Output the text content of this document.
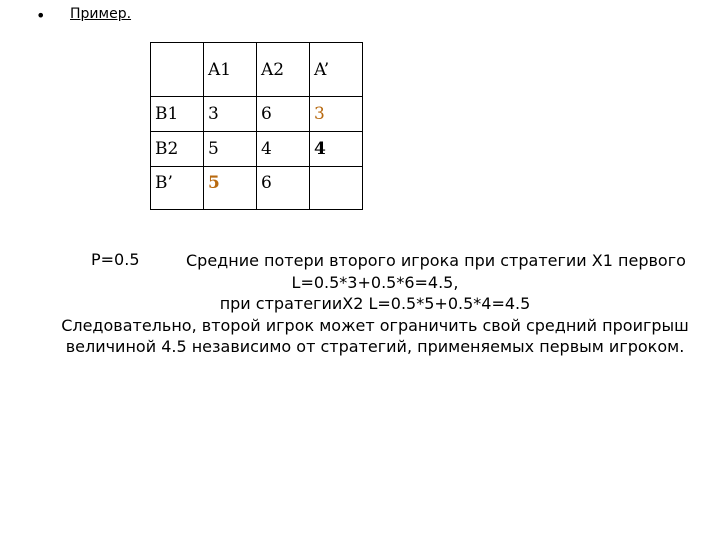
• Пример.
	A1	A2	A’
B1	3	6	3
B2	5	4	4
B’	5	6	
P=0.5	Средние потери второго игрока при стратегии Х1 первого
L=0.5*3+0.5*6=4.5,
при стратегииХ2 L=0.5*5+0.5*4=4.5
Следовательно, второй игрок может ограничить свой средний проигрыш
величиной 4.5 независимо от стратегий, применяемых первым игроком.
